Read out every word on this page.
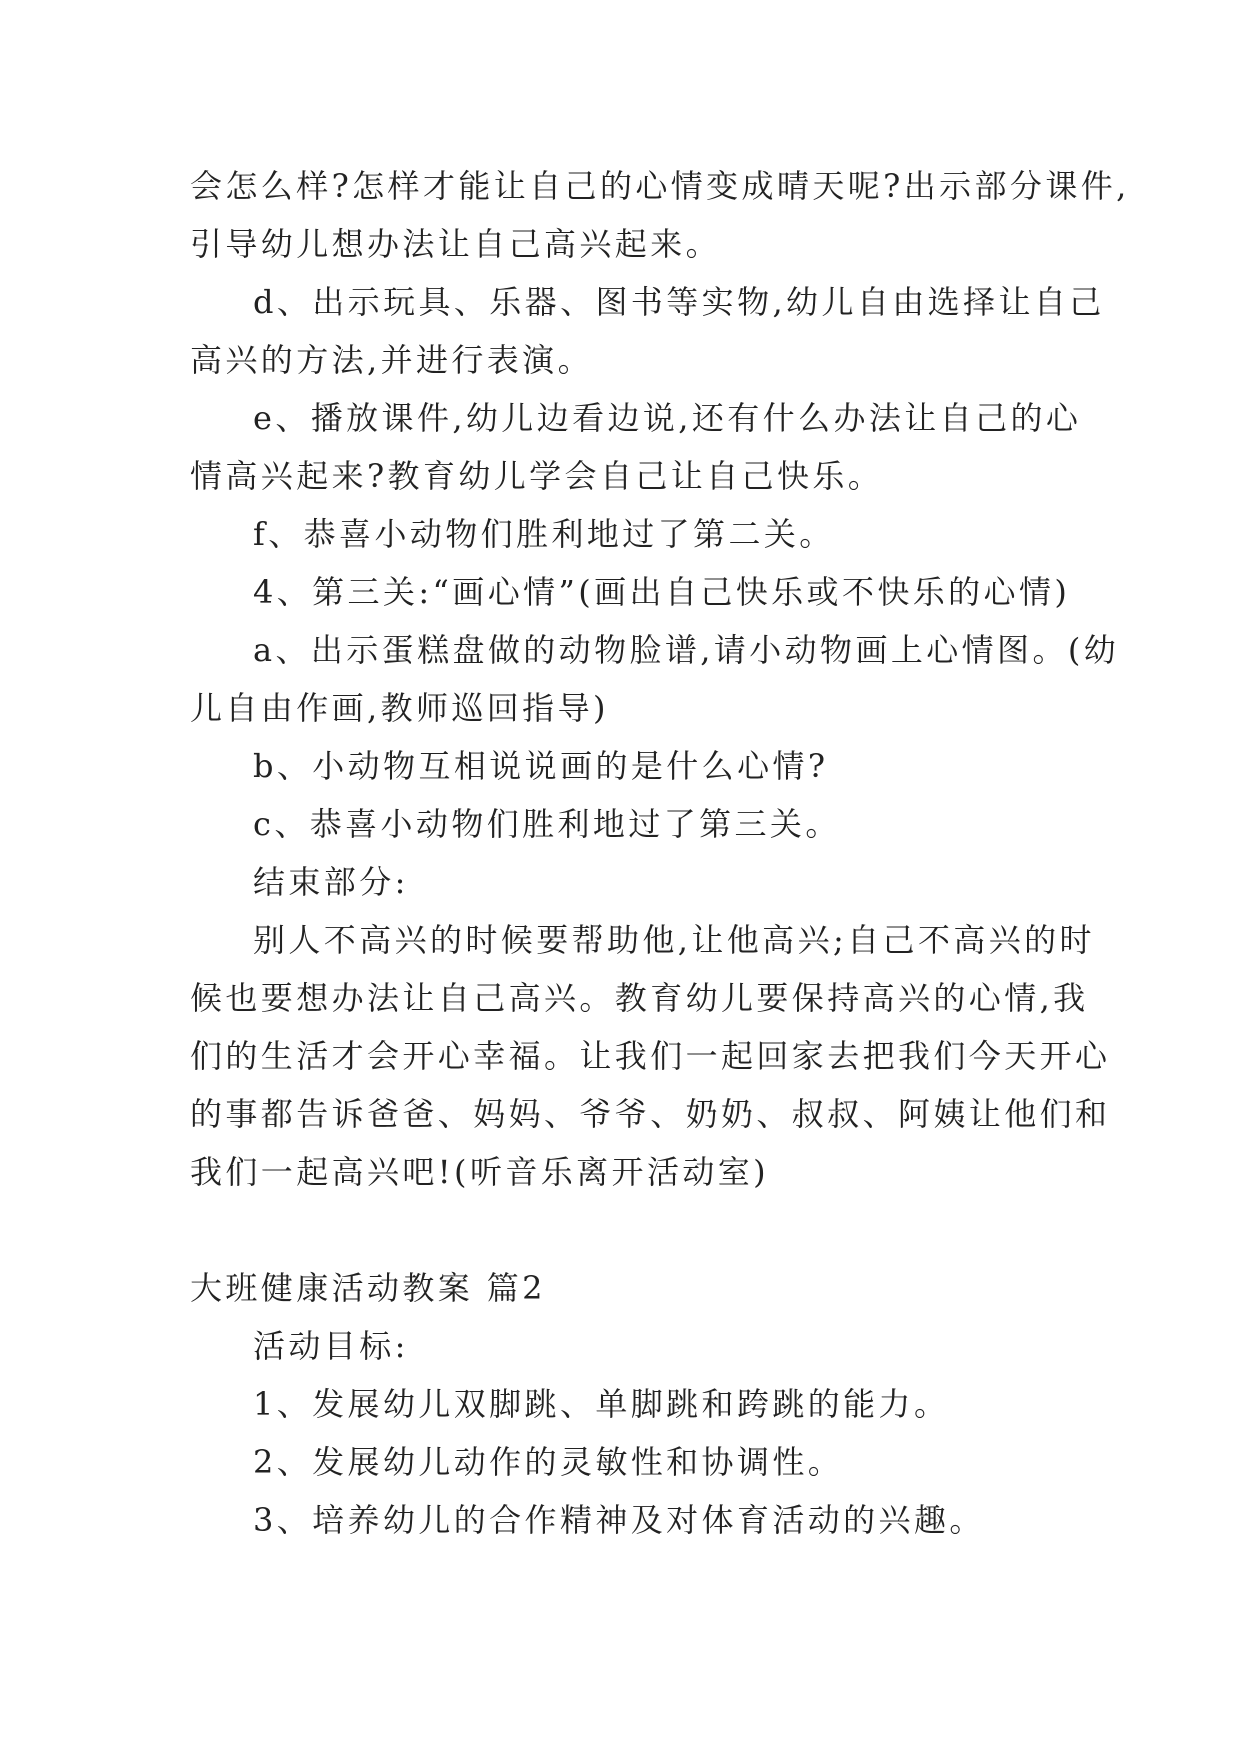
会怎么样?怎样才能让自己的心情变成晴天呢?出示部分课件,
引导幼儿想办法让自己高兴起来。
d、出示玩具、乐器、图书等实物,幼儿自由选择让自己
高兴的方法,并进行表演。
e、播放课件,幼儿边看边说,还有什么办法让自己的心
情高兴起来?教育幼儿学会自己让自己快乐。
f、恭喜小动物们胜利地过了第二关。
4、第三关:“画心情”(画出自己快乐或不快乐的心情)
a、出示蛋糕盘做的动物脸谱,请小动物画上心情图。(幼
儿自由作画,教师巡回指导)
b、小动物互相说说画的是什么心情?
c、恭喜小动物们胜利地过了第三关。
结束部分:
别人不高兴的时候要帮助他,让他高兴;自己不高兴的时
候也要想办法让自己高兴。教育幼儿要保持高兴的心情,我
们的生活才会开心幸福。让我们一起回家去把我们今天开心
的事都告诉爸爸、妈妈、爷爷、奶奶、叔叔、阿姨让他们和
我们一起高兴吧!(听音乐离开活动室)
大班健康活动教案 篇2
活动目标:
1、发展幼儿双脚跳、单脚跳和跨跳的能力。
2、发展幼儿动作的灵敏性和协调性。
3、培养幼儿的合作精神及对体育活动的兴趣。
